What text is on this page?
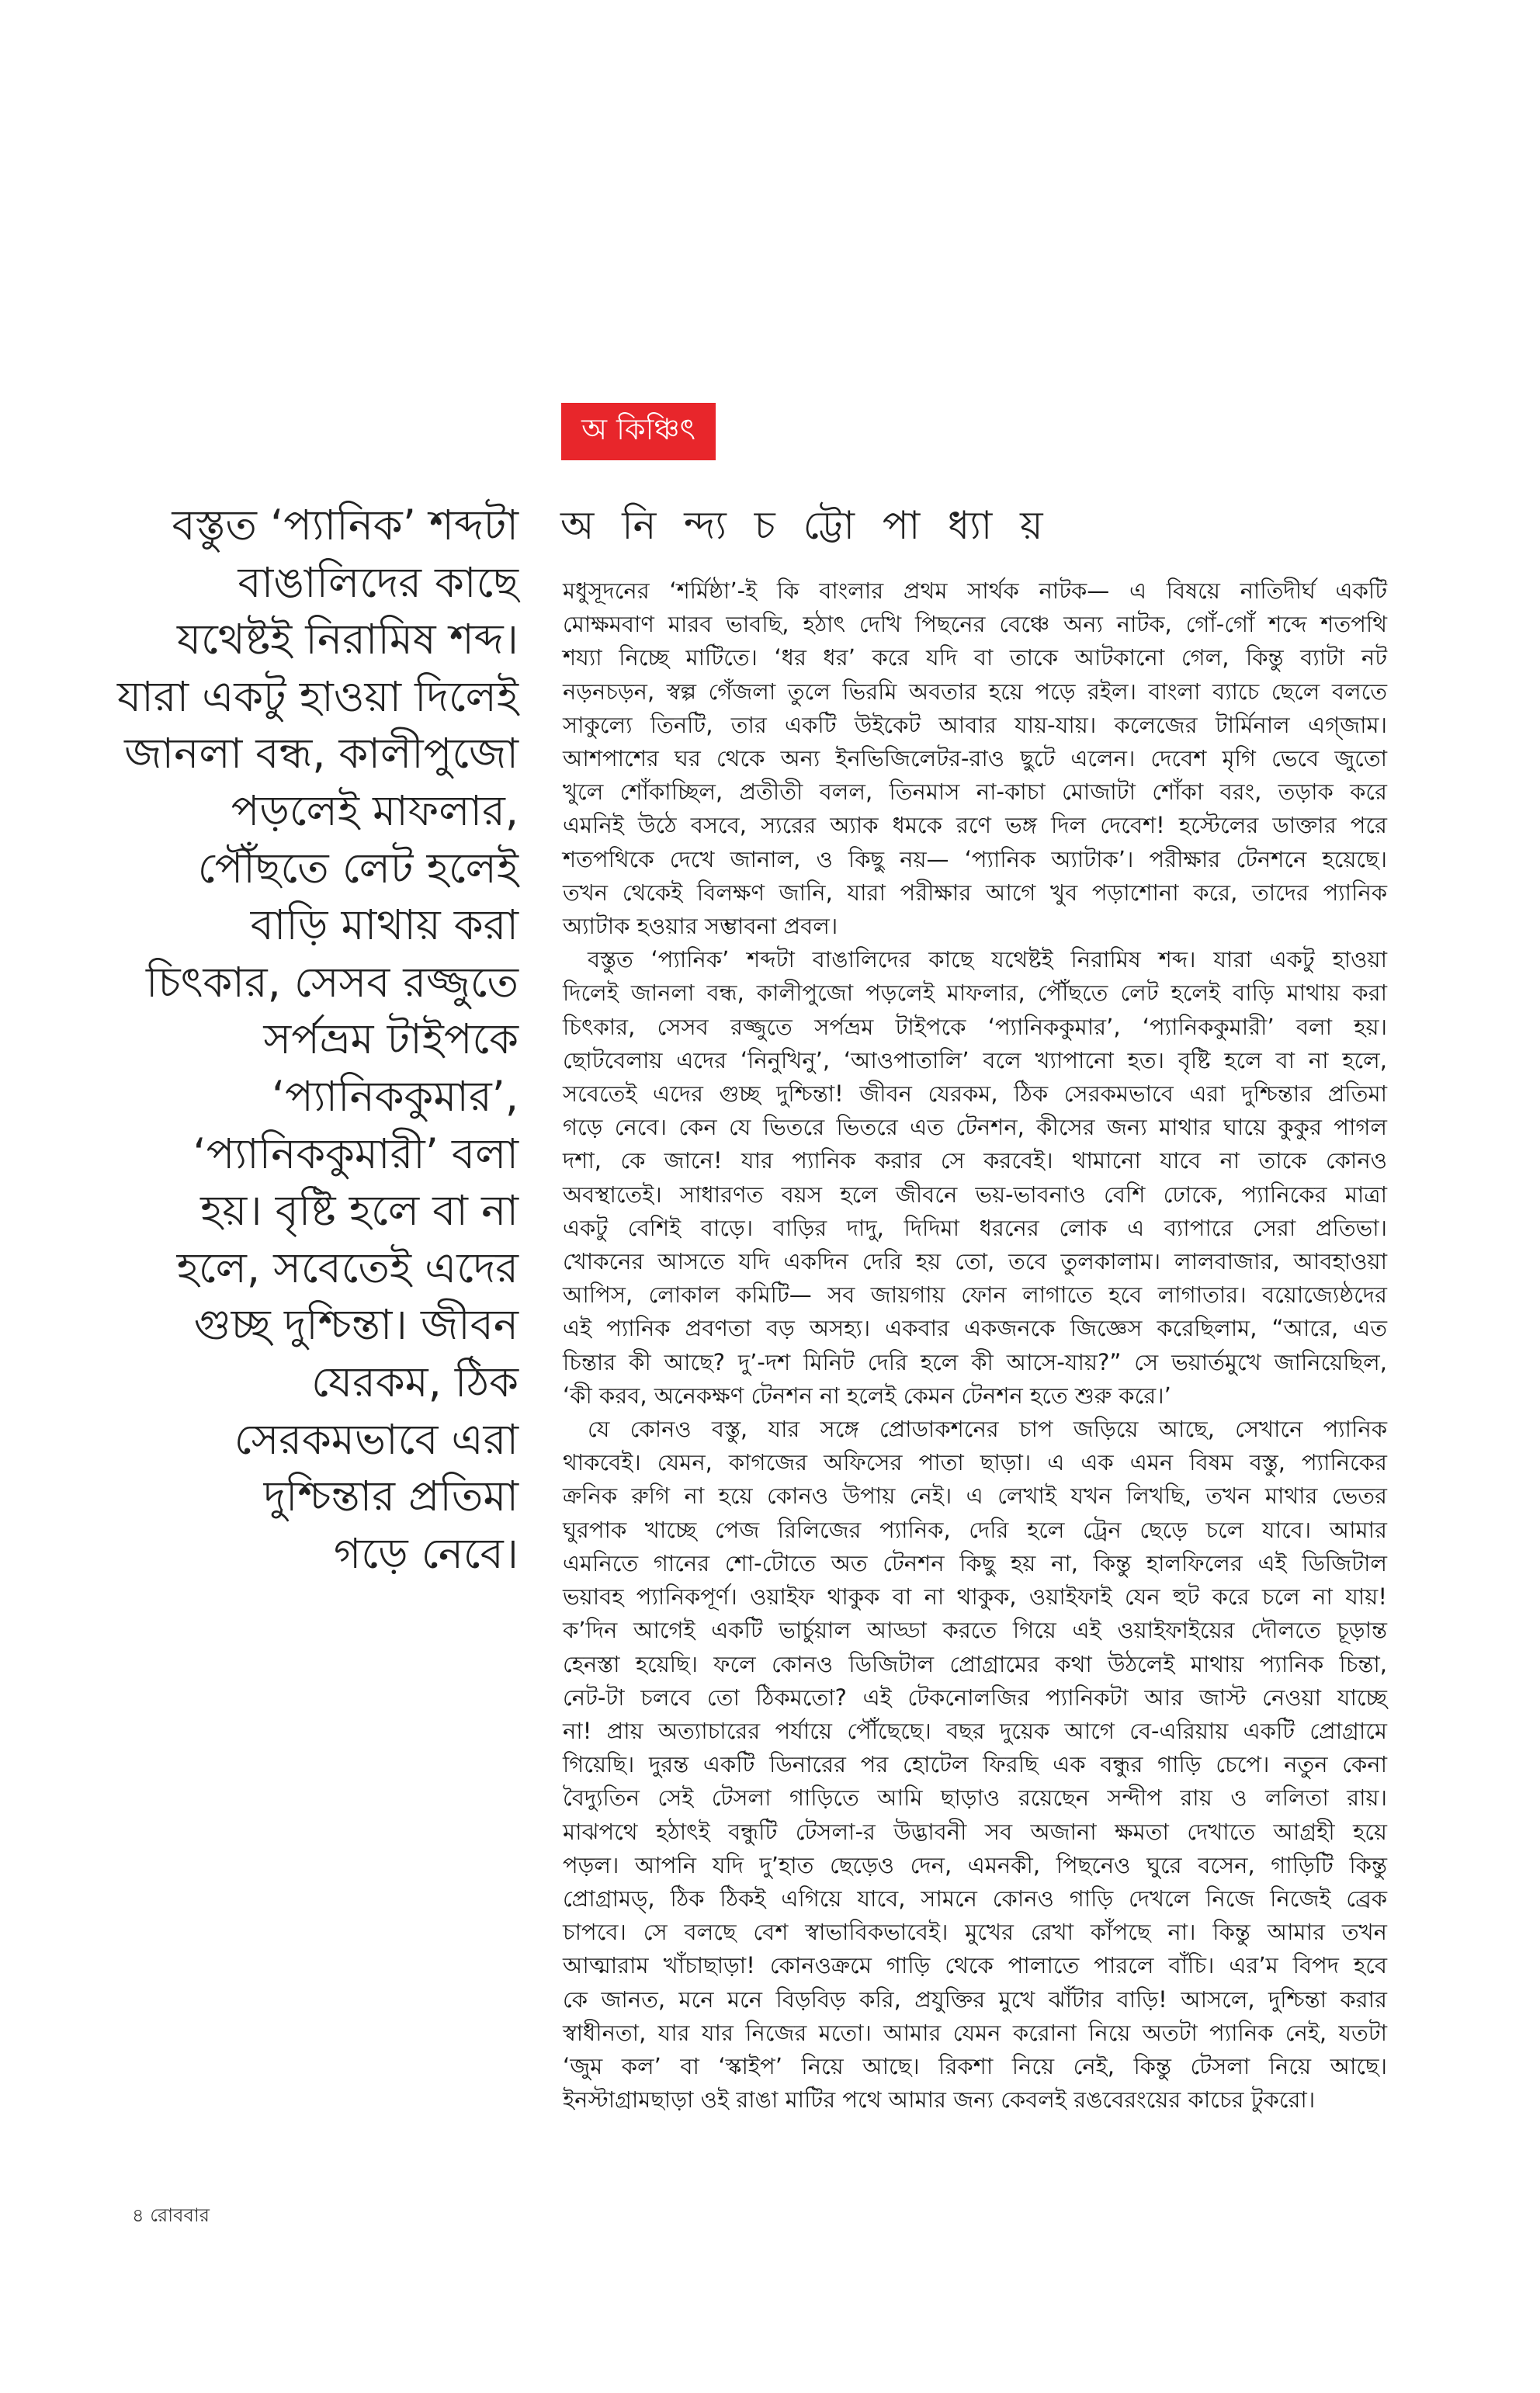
অ কিঞ্চিৎ
অ নি ন্দ্য চ ট্টো পা ধ্যা য়
বস্তুত ‘প্যানিক’ শব্দটা
বাঙালিদের কাছে
যথেষ্টই নিরামিষ শব্দ।
যারা একটু হাওয়া দিলেই
জানলা বন্ধ, কালীপুজো
পড়লেই মাফলার,
পৌঁছতে লেট হলেই
বাড়ি মাথায় করা
চিৎকার, সেসব রজ্জুতে
সর্পভ্রম টাইপকে
‘প্যানিককুমার’,
‘প্যানিককুমারী’ বলা
হয়। বৃষ্টি হলে বা না
হলে, সবেতেই এদের
গুচ্ছ দুশ্চিন্তা। জীবন
যেরকম, ঠিক
সেরকমভাবে এরা
দুশ্চিন্তার প্রতিমা
গড়ে নেবে।
মধুসূদনের ‘শর্মিষ্ঠা’-ই কি বাংলার প্রথম সার্থক নাটক— এ বিষয়ে নাতিদীর্ঘ একটি
মোক্ষমবাণ মারব ভাবছি, হঠাৎ দেখি পিছনের বেঞ্চে অন্য নাটক, গোঁ-গোঁ শব্দে শতপথি
শয্যা নিচ্ছে মাটিতে। ‘ধর ধর’ করে যদি বা তাকে আটকানো গেল, কিন্তু ব্যাটা নট
নড়নচড়ন, স্বল্প গেঁজলা তুলে ভিরমি অবতার হয়ে পড়ে রইল। বাংলা ব্যাচে ছেলে বলতে
সাকুল্যে তিনটি, তার একটি উইকেট আবার যায়-যায়। কলেজের টার্মিনাল এগ্‌জাম।
আশপাশের ঘর থেকে অন্য ইনভিজিলেটর-রাও ছুটে এলেন। দেবেশ মৃগি ভেবে জুতো
খুলে শোঁকাচ্ছিল, প্রতীতী বলল, তিনমাস না-কাচা মোজাটা শোঁকা বরং, তড়াক করে
এমনিই উঠে বসবে, স্যরের অ্যাক ধমকে রণে ভঙ্গ দিল দেবেশ! হস্টেলের ডাক্তার পরে
শতপথিকে দেখে জানাল, ও কিছু নয়— ‘প্যানিক অ্যাটাক’। পরীক্ষার টেনশনে হয়েছে।
তখন থেকেই বিলক্ষণ জানি, যারা পরীক্ষার আগে খুব পড়াশোনা করে, তাদের প্যানিক
অ্যাটাক হওয়ার সম্ভাবনা প্রবল।
বস্তুত ‘প্যানিক’ শব্দটা বাঙালিদের কাছে যথেষ্টই নিরামিষ শব্দ। যারা একটু হাওয়া
দিলেই জানলা বন্ধ, কালীপুজো পড়লেই মাফলার, পৌঁছতে লেট হলেই বাড়ি মাথায় করা
চিৎকার, সেসব রজ্জুতে সর্পভ্রম টাইপকে ‘প্যানিককুমার’, ‘প্যানিককুমারী’ বলা হয়।
ছোটবেলায় এদের ‘নিনুখিনু’, ‘আওপাতালি’ বলে খ্যাপানো হত। বৃষ্টি হলে বা না হলে,
সবেতেই এদের গুচ্ছ দুশ্চিন্তা! জীবন যেরকম, ঠিক সেরকমভাবে এরা দুশ্চিন্তার প্রতিমা
গড়ে নেবে। কেন যে ভিতরে ভিতরে এত টেনশন, কীসের জন্য মাথার ঘায়ে কুকুর পাগল
দশা, কে জানে! যার প্যানিক করার সে করবেই। থামানো যাবে না তাকে কোনও
অবস্থাতেই। সাধারণত বয়স হলে জীবনে ভয়-ভাবনাও বেশি ঢোকে, প্যানিকের মাত্রা
একটু বেশিই বাড়ে। বাড়ির দাদু, দিদিমা ধরনের লোক এ ব্যাপারে সেরা প্রতিভা।
খোকনের আসতে যদি একদিন দেরি হয় তো, তবে তুলকালাম। লালবাজার, আবহাওয়া
আপিস, লোকাল কমিটি— সব জায়গায় ফোন লাগাতে হবে লাগাতার। বয়োজ্যেষ্ঠদের
এই প্যানিক প্রবণতা বড় অসহ্য। একবার একজনকে জিজ্ঞেস করেছিলাম, “আরে, এত
চিন্তার কী আছে? দু’-দশ মিনিট দেরি হলে কী আসে-যায়?” সে ভয়ার্তমুখে জানিয়েছিল,
‘কী করব, অনেকক্ষণ টেনশন না হলেই কেমন টেনশন হতে শুরু করে।’
যে কোনও বস্তু, যার সঙ্গে প্রোডাকশনের চাপ জড়িয়ে আছে, সেখানে প্যানিক
থাকবেই। যেমন, কাগজের অফিসের পাতা ছাড়া। এ এক এমন বিষম বস্তু, প্যানিকের
ক্রনিক রুগি না হয়ে কোনও উপায় নেই। এ লেখাই যখন লিখছি, তখন মাথার ভেতর
ঘুরপাক খাচ্ছে পেজ রিলিজের প্যানিক, দেরি হলে ট্রেন ছেড়ে চলে যাবে। আমার
এমনিতে গানের শো-টোতে অত টেনশন কিছু হয় না, কিন্তু হালফিলের এই ডিজিটাল
ভয়াবহ প্যানিকপূর্ণ। ওয়াইফ থাকুক বা না থাকুক, ওয়াইফাই যেন হুট করে চলে না যায়!
ক’দিন আগেই একটি ভার্চুয়াল আড্ডা করতে গিয়ে এই ওয়াইফাইয়ের দৌলতে চূড়ান্ত
হেনস্তা হয়েছি। ফলে কোনও ডিজিটাল প্রোগ্রামের কথা উঠলেই মাথায় প্যানিক চিন্তা,
নেট-টা চলবে তো ঠিকমতো? এই টেকনোলজির প্যানিকটা আর জাস্ট নেওয়া যাচ্ছে
না! প্রায় অত্যাচারের পর্যায়ে পৌঁছেছে। বছর দুয়েক আগে বে-এরিয়ায় একটি প্রোগ্রামে
গিয়েছি। দুরন্ত একটি ডিনারের পর হোটেল ফিরছি এক বন্ধুর গাড়ি চেপে। নতুন কেনা
বৈদ্যুতিন সেই টেসলা গাড়িতে আমি ছাড়াও রয়েছেন সন্দীপ রায় ও ললিতা রায়।
মাঝপথে হঠাৎই বন্ধুটি টেসলা-র উদ্ভাবনী সব অজানা ক্ষমতা দেখাতে আগ্রহী হয়ে
পড়ল। আপনি যদি দু’হাত ছেড়েও দেন, এমনকী, পিছনেও ঘুরে বসেন, গাড়িটি কিন্তু
প্রোগ্রামড্, ঠিক ঠিকই এগিয়ে যাবে, সামনে কোনও গাড়ি দেখলে নিজে নিজেই ব্রেক
চাপবে। সে বলছে বেশ স্বাভাবিকভাবেই। মুখের রেখা কাঁপছে না। কিন্তু আমার তখন
আত্মারাম খাঁচাছাড়া! কোনওক্রমে গাড়ি থেকে পালাতে পারলে বাঁচি। এর’ম বিপদ হবে
কে জানত, মনে মনে বিড়বিড় করি, প্রযুক্তির মুখে ঝাঁটার বাড়ি! আসলে, দুশ্চিন্তা করার
স্বাধীনতা, যার যার নিজের মতো। আমার যেমন করোনা নিয়ে অতটা প্যানিক নেই, যতটা
‘জুম কল’ বা ‘স্কাইপ’ নিয়ে আছে। রিকশা নিয়ে নেই, কিন্তু টেসলা নিয়ে আছে।
ইনস্টাগ্রামছাড়া ওই রাঙা মাটির পথে আমার জন্য কেবলই রঙবেরংয়ের কাচের টুকরো।
৪ রোববার
